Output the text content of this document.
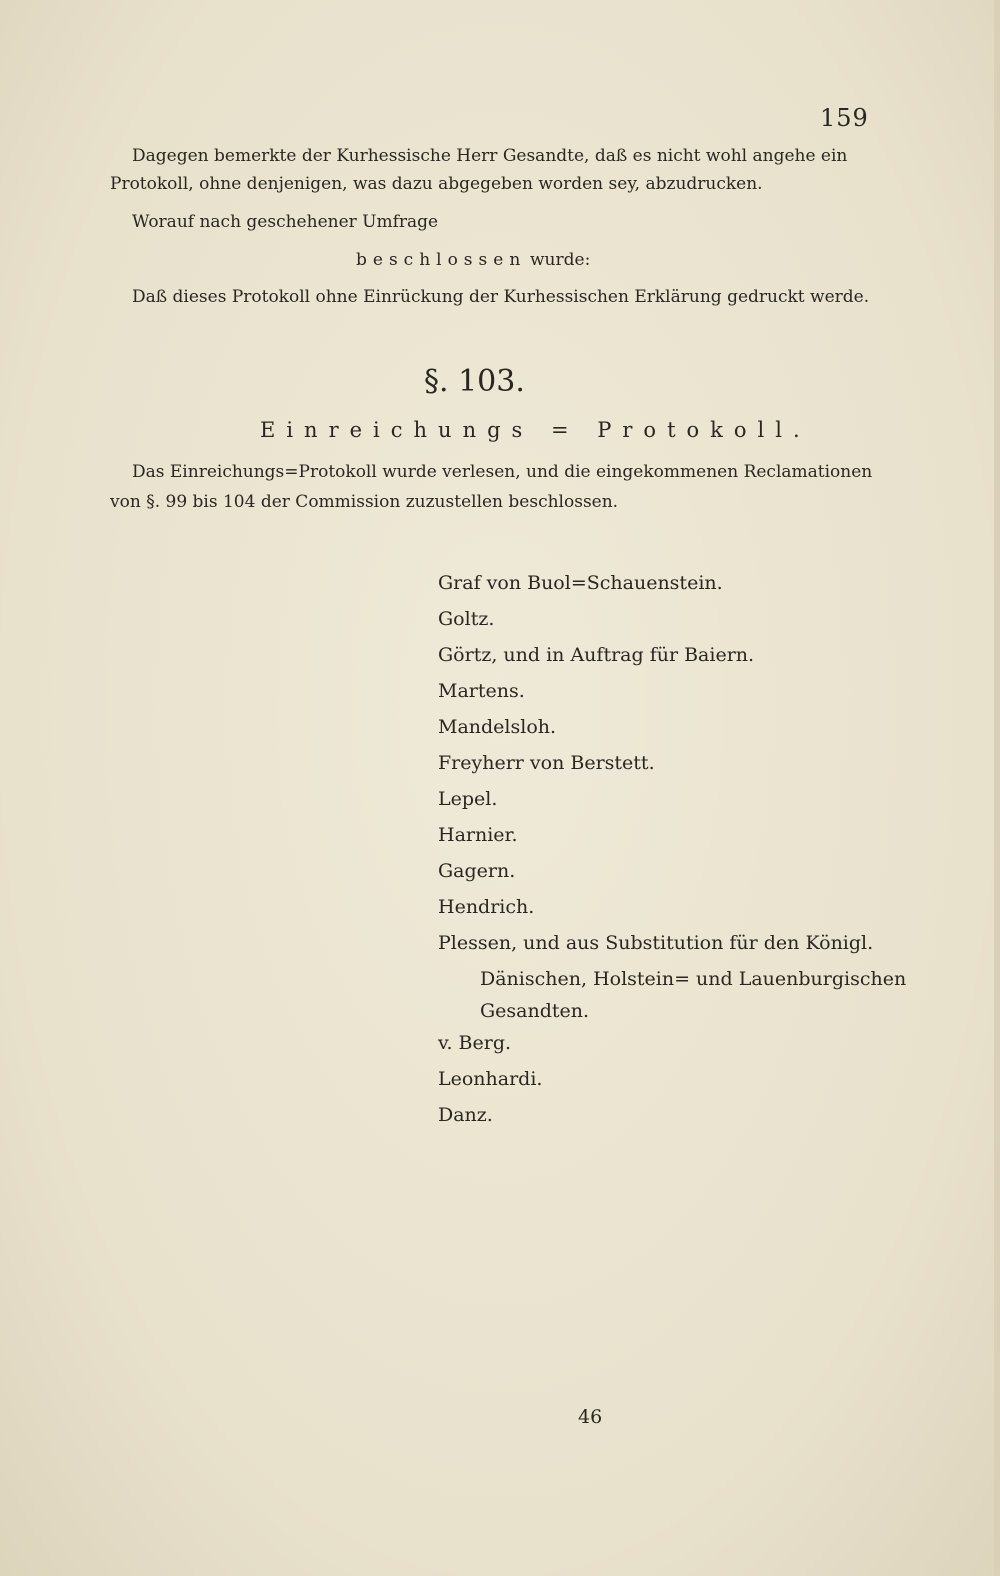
159
Dagegen bemerkte der Kurhessische Herr Gesandte, daß es nicht wohl angehe ein
Protokoll, ohne denjenigen, was dazu abgegeben worden sey, abzudrucken.
Worauf nach geschehener Umfrage
beschlossen wurde:
Daß dieses Protokoll ohne Einrückung der Kurhessischen Erklärung gedruckt werde.
§. 103.
Einreichungs = Protokoll.
Das Einreichungs=Protokoll wurde verlesen, und die eingekommenen Reclamationen
von §. 99 bis 104 der Commission zuzustellen beschlossen.
Graf von Buol=Schauenstein.
Goltz.
Görtz, und in Auftrag für Baiern.
Martens.
Mandelsloh.
Freyherr von Berstett.
Lepel.
Harnier.
Gagern.
Hendrich.
Plessen, und aus Substitution für den Königl.
Dänischen, Holstein= und Lauenburgischen
Gesandten.
v. Berg.
Leonhardi.
Danz.
46
